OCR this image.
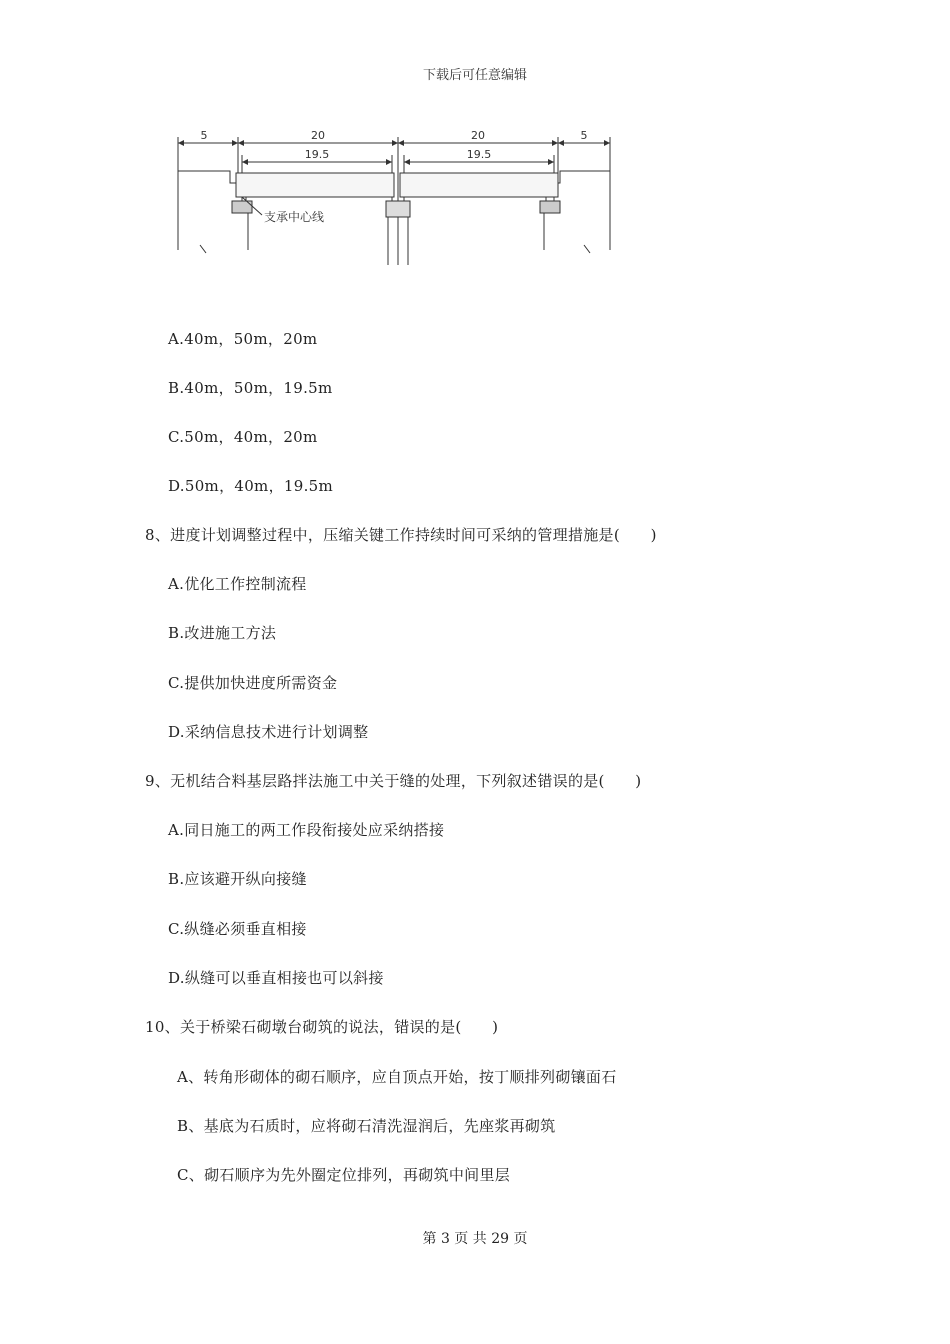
下载后可任意编辑
5	20	20	5
19.5	19.5
支承中心线
A.40m，50m，20m
B.40m，50m，19.5m
C.50m，40m，20m
D.50m，40m，19.5m
8、进度计划调整过程中，压缩关键工作持续时间可采纳的管理措施是(　　)
A.优化工作控制流程
B.改进施工方法
C.提供加快进度所需资金
D.采纳信息技术进行计划调整
9、无机结合料基层路拌法施工中关于缝的处理，下列叙述错误的是(　　)
A.同日施工的两工作段衔接处应采纳搭接
B.应该避开纵向接缝
C.纵缝必须垂直相接
D.纵缝可以垂直相接也可以斜接
10、关于桥梁石砌墩台砌筑的说法，错误的是(　　)
A、转角形砌体的砌石顺序，应自顶点开始，按丁顺排列砌镶面石
B、基底为石质时，应将砌石清洗湿润后，先座浆再砌筑
C、砌石顺序为先外圈定位排列，再砌筑中间里层
第 3 页 共 29 页
